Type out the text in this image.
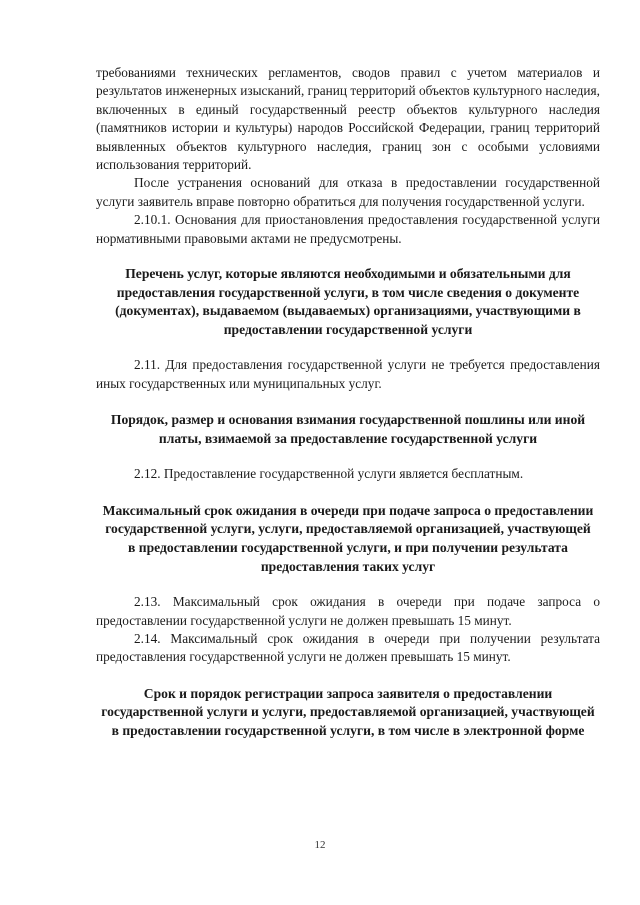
требованиями технических регламентов, сводов правил с учетом материалов и результатов инженерных изысканий, границ территорий объектов культурного наследия, включенных в единый государственный реестр объектов культурного наследия (памятников истории и культуры) народов Российской Федерации, границ территорий выявленных объектов культурного наследия, границ зон с особыми условиями использования территорий.

После устранения оснований для отказа в предоставлении государственной услуги заявитель вправе повторно обратиться для получения государственной услуги.

2.10.1. Основания для приостановления предоставления государственной услуги нормативными правовыми актами не предусмотрены.

Перечень услуг, которые являются необходимыми и обязательными для предоставления государственной услуги, в том числе сведения о документе (документах), выдаваемом (выдаваемых) организациями, участвующими в предоставлении государственной услуги

2.11. Для предоставления государственной услуги не требуется предоставления иных государственных или муниципальных услуг.

Порядок, размер и основания взимания государственной пошлины или иной платы, взимаемой за предоставление государственной услуги

2.12. Предоставление государственной услуги является бесплатным.

Максимальный срок ожидания в очереди при подаче запроса о предоставлении государственной услуги, услуги, предоставляемой организацией, участвующей в предоставлении государственной услуги, и при получении результата предоставления таких услуг

2.13. Максимальный срок ожидания в очереди при подаче запроса о предоставлении государственной услуги не должен превышать 15 минут.

2.14. Максимальный срок ожидания в очереди при получении результата предоставления государственной услуги не должен превышать 15 минут.

Срок и порядок регистрации запроса заявителя о предоставлении государственной услуги и услуги, предоставляемой организацией, участвующей в предоставлении государственной услуги, в том числе в электронной форме
12
